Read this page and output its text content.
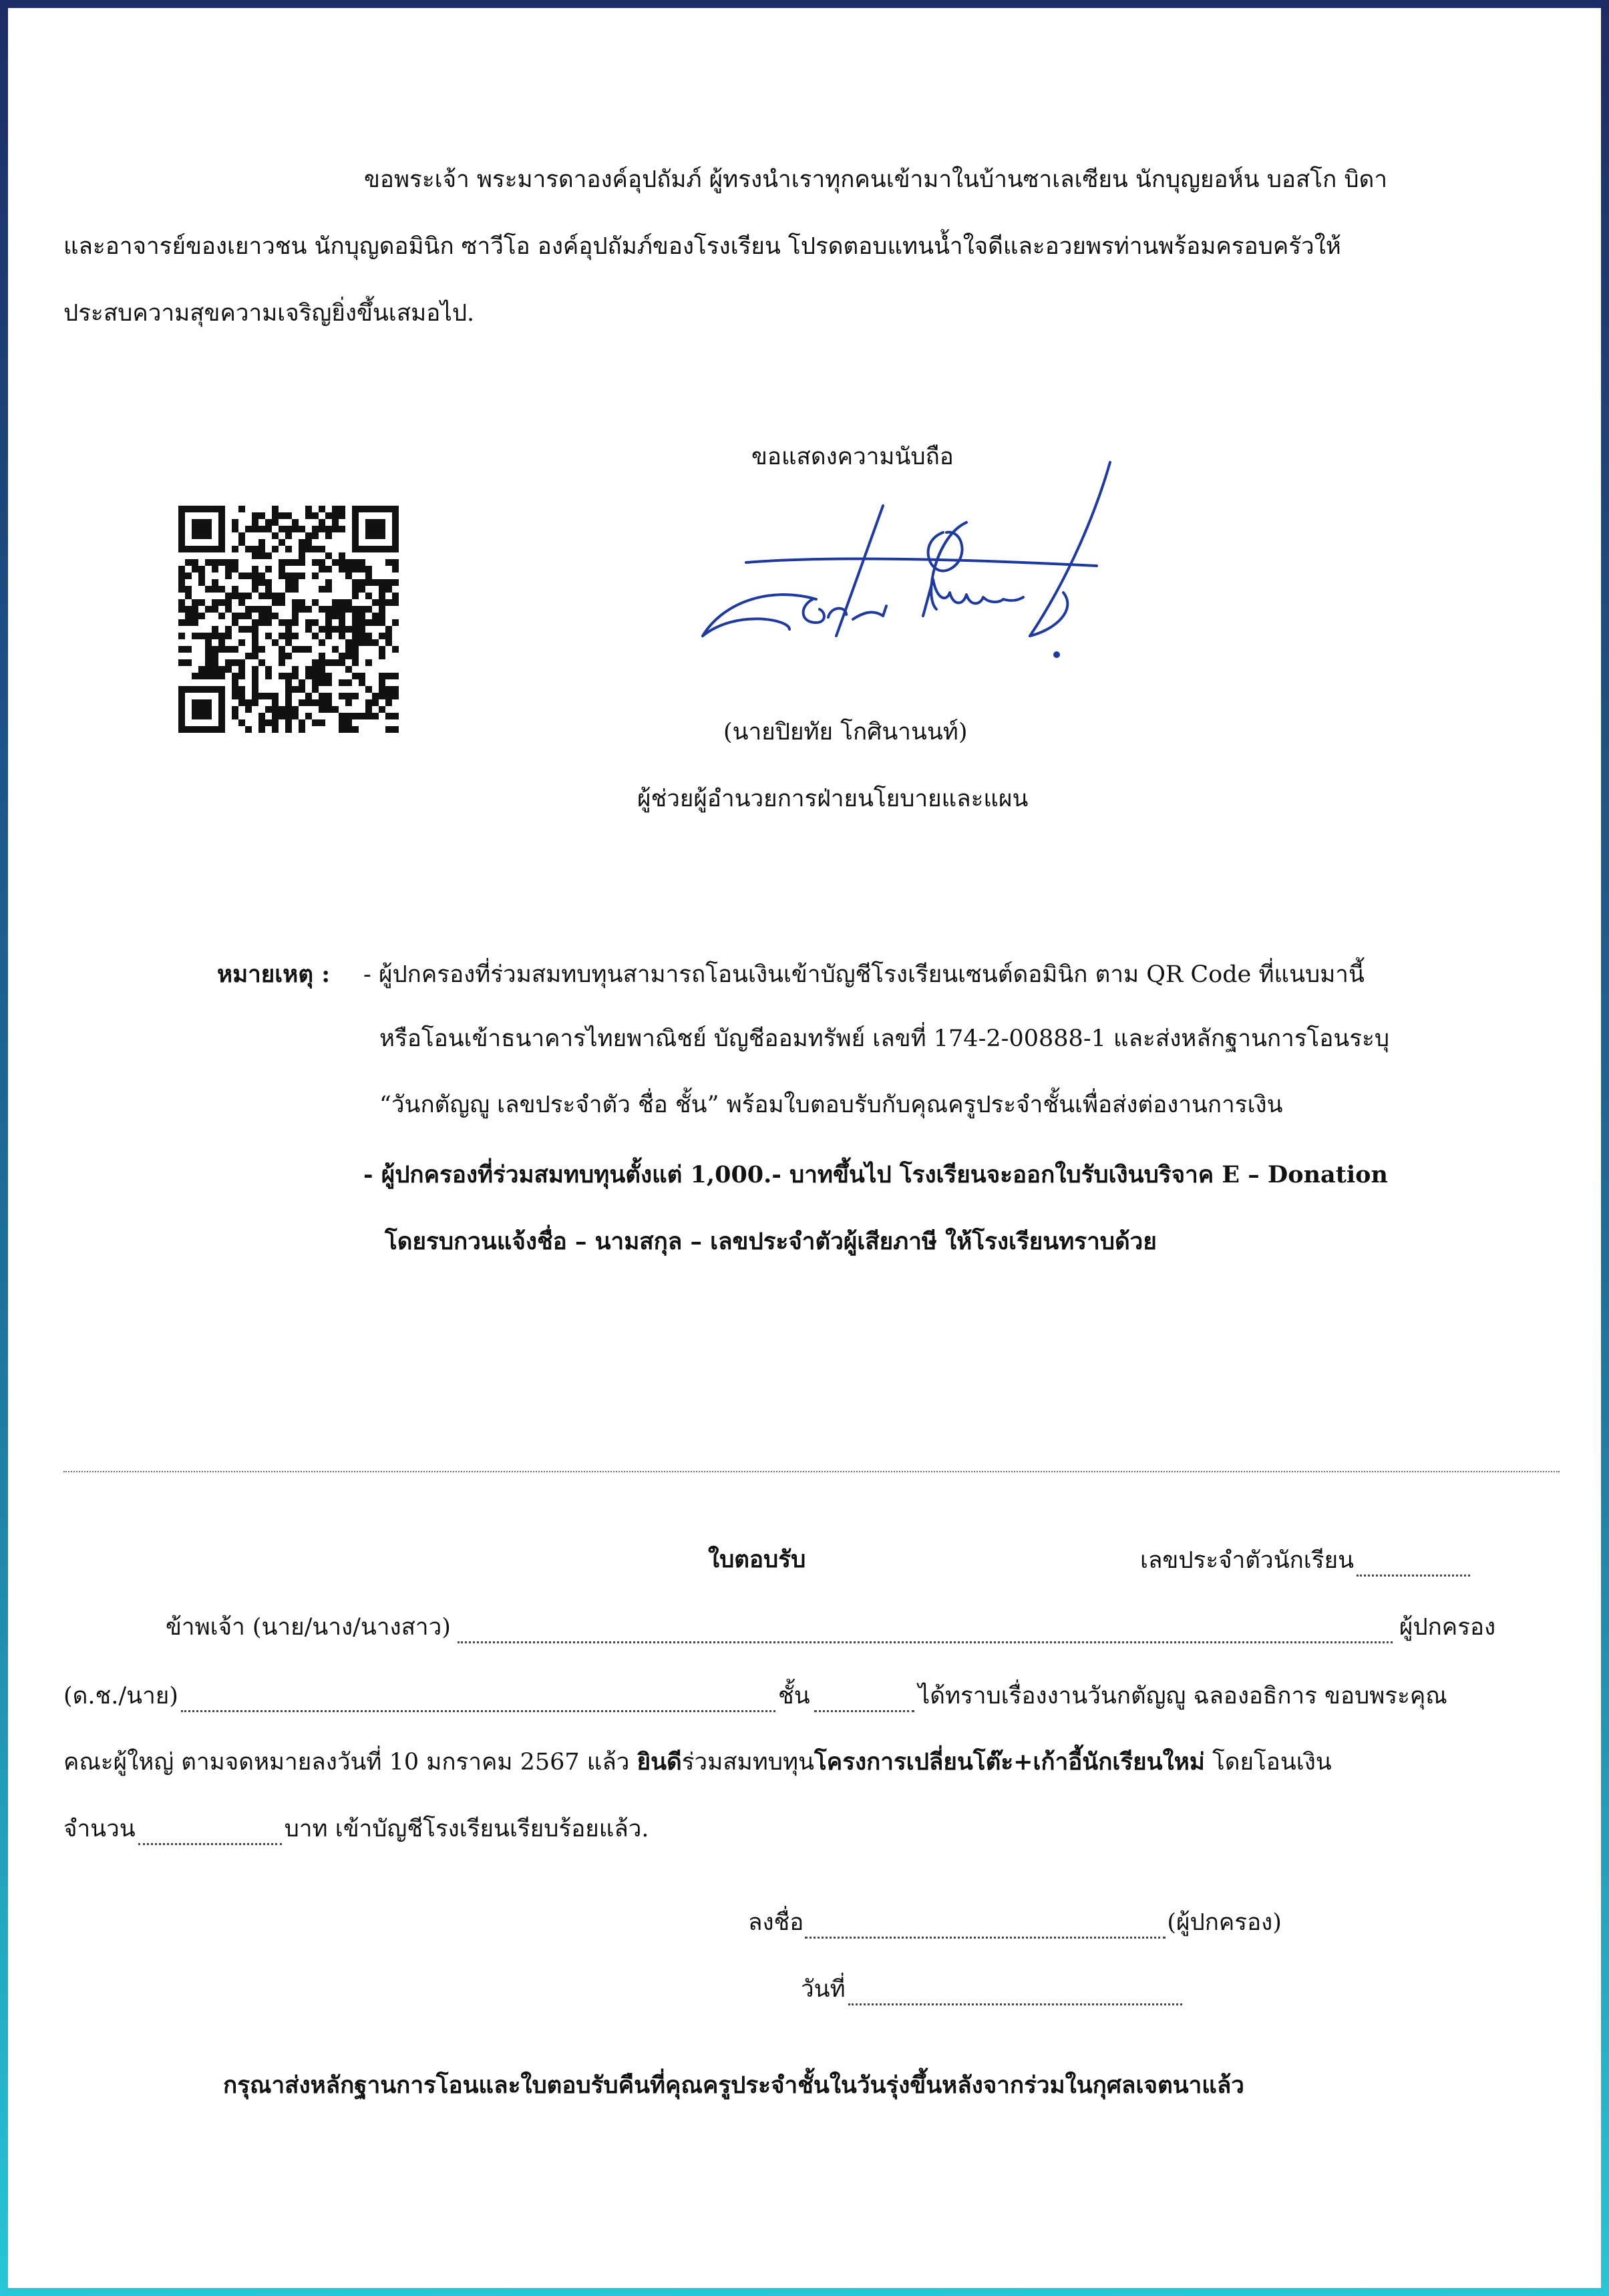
ขอพระเจ้า พระมารดาองค์อุปถัมภ์ ผู้ทรงนำเราทุกคนเข้ามาในบ้านซาเลเซียน นักบุญยอห์น บอสโก บิดา
และอาจารย์ของเยาวชน นักบุญดอมินิก ซาวีโอ องค์อุปถัมภ์ของโรงเรียน โปรดตอบแทนน้ำใจดีและอวยพรท่านพร้อมครอบครัวให้
ประสบความสุขความเจริญยิ่งขึ้นเสมอไป.
ขอแสดงความนับถือ
(นายปิยทัย โกศินานนท์)
ผู้ช่วยผู้อำนวยการฝ่ายนโยบายและแผน
หมายเหตุ : - ผู้ปกครองที่ร่วมสมทบทุนสามารถโอนเงินเข้าบัญชีโรงเรียนเซนต์ดอมินิก ตาม QR Code ที่แนบมานี้
หรือโอนเข้าธนาคารไทยพาณิชย์ บัญชีออมทรัพย์ เลขที่ 174-2-00888-1 และส่งหลักฐานการโอนระบุ
“วันกตัญญู เลขประจำตัว ชื่อ ชั้น” พร้อมใบตอบรับกับคุณครูประจำชั้นเพื่อส่งต่องานการเงิน
- ผู้ปกครองที่ร่วมสมทบทุนตั้งแต่ 1,000.- บาทขึ้นไป โรงเรียนจะออกใบรับเงินบริจาค E – Donation
โดยรบกวนแจ้งชื่อ – นามสกุล – เลขประจำตัวผู้เสียภาษี ให้โรงเรียนทราบด้วย
ใบตอบรับ	เลขประจำตัวนักเรียน
ข้าพเจ้า (นาย/นาง/นางสาว)	ผู้ปกครอง
(ด.ช./นาย)	ชั้น	ได้ทราบเรื่องงานวันกตัญญู ฉลองอธิการ ขอบพระคุณ
คณะผู้ใหญ่ ตามจดหมายลงวันที่ 10 มกราคม 2567 แล้ว ยินดีร่วมสมทบทุนโครงการเปลี่ยนโต๊ะ+เก้าอี้นักเรียนใหม่ โดยโอนเงิน
จำนวน	บาท เข้าบัญชีโรงเรียนเรียบร้อยแล้ว.
ลงชื่อ	(ผู้ปกครอง)
วันที่
กรุณาส่งหลักฐานการโอนและใบตอบรับคืนที่คุณครูประจำชั้นในวันรุ่งขึ้นหลังจากร่วมในกุศลเจตนาแล้ว
